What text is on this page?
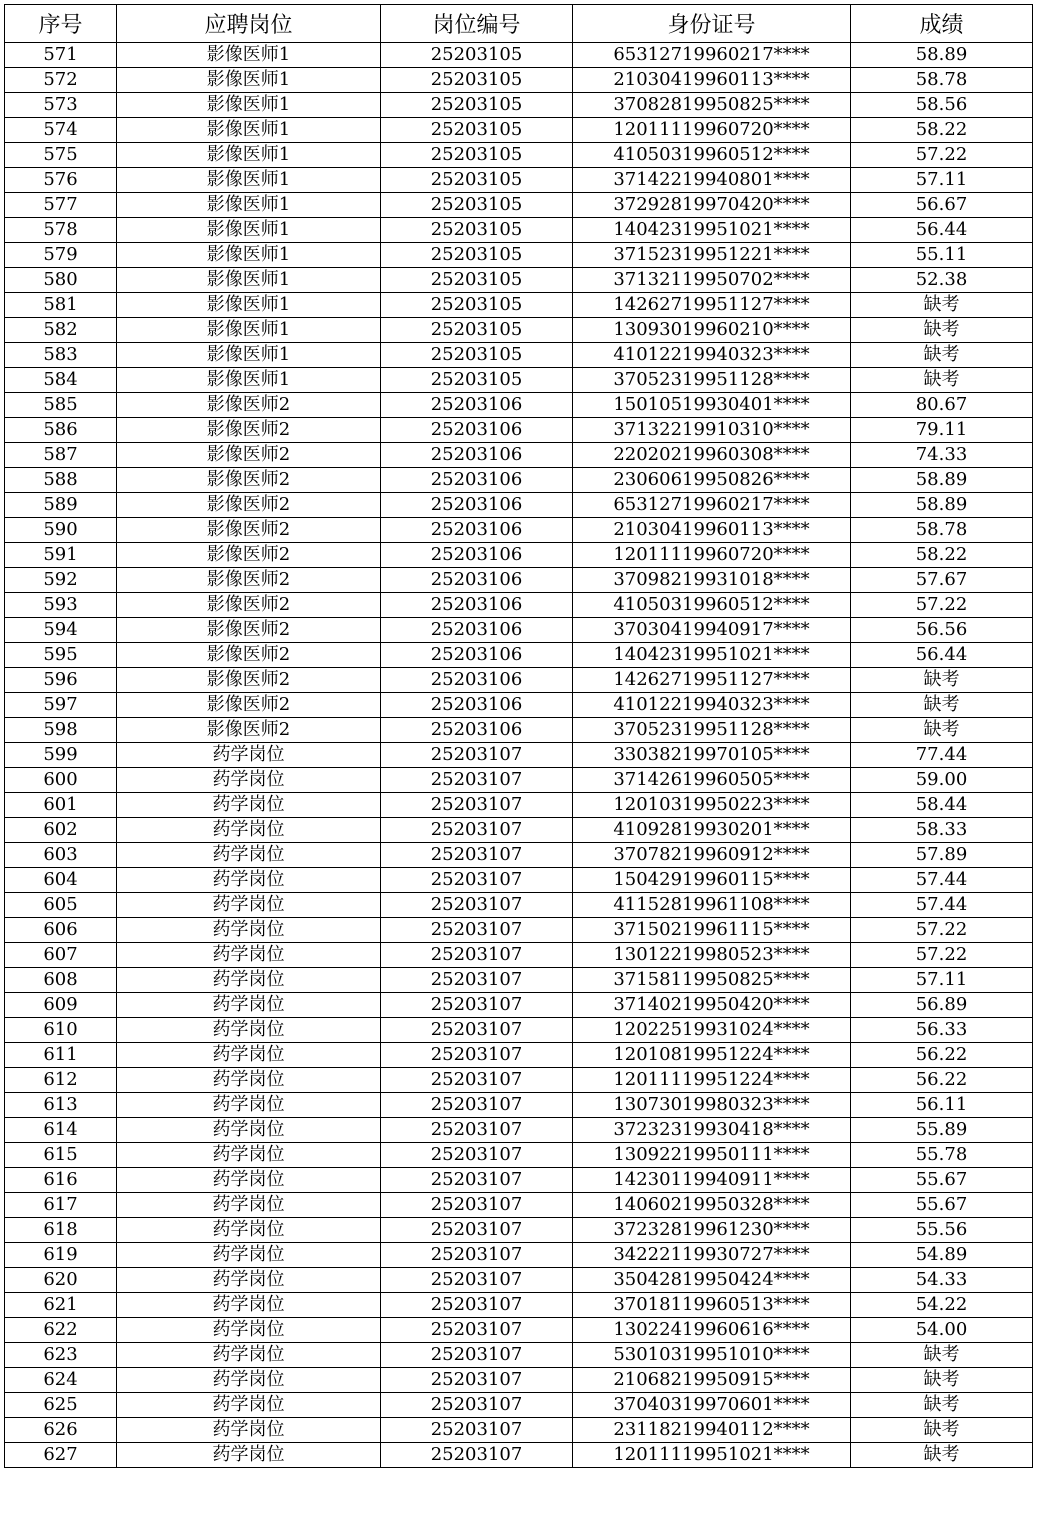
序号	应聘岗位	岗位编号	身份证号	成绩
571	影像医师1	25203105	65312719960217****	58.89
572	影像医师1	25203105	21030419960113****	58.78
573	影像医师1	25203105	37082819950825****	58.56
574	影像医师1	25203105	12011119960720****	58.22
575	影像医师1	25203105	41050319960512****	57.22
576	影像医师1	25203105	37142219940801****	57.11
577	影像医师1	25203105	37292819970420****	56.67
578	影像医师1	25203105	14042319951021****	56.44
579	影像医师1	25203105	37152319951221****	55.11
580	影像医师1	25203105	37132119950702****	52.38
581	影像医师1	25203105	14262719951127****	缺考
582	影像医师1	25203105	13093019960210****	缺考
583	影像医师1	25203105	41012219940323****	缺考
584	影像医师1	25203105	37052319951128****	缺考
585	影像医师2	25203106	15010519930401****	80.67
586	影像医师2	25203106	37132219910310****	79.11
587	影像医师2	25203106	22020219960308****	74.33
588	影像医师2	25203106	23060619950826****	58.89
589	影像医师2	25203106	65312719960217****	58.89
590	影像医师2	25203106	21030419960113****	58.78
591	影像医师2	25203106	12011119960720****	58.22
592	影像医师2	25203106	37098219931018****	57.67
593	影像医师2	25203106	41050319960512****	57.22
594	影像医师2	25203106	37030419940917****	56.56
595	影像医师2	25203106	14042319951021****	56.44
596	影像医师2	25203106	14262719951127****	缺考
597	影像医师2	25203106	41012219940323****	缺考
598	影像医师2	25203106	37052319951128****	缺考
599	药学岗位	25203107	33038219970105****	77.44
600	药学岗位	25203107	37142619960505****	59.00
601	药学岗位	25203107	12010319950223****	58.44
602	药学岗位	25203107	41092819930201****	58.33
603	药学岗位	25203107	37078219960912****	57.89
604	药学岗位	25203107	15042919960115****	57.44
605	药学岗位	25203107	41152819961108****	57.44
606	药学岗位	25203107	37150219961115****	57.22
607	药学岗位	25203107	13012219980523****	57.22
608	药学岗位	25203107	37158119950825****	57.11
609	药学岗位	25203107	37140219950420****	56.89
610	药学岗位	25203107	12022519931024****	56.33
611	药学岗位	25203107	12010819951224****	56.22
612	药学岗位	25203107	12011119951224****	56.22
613	药学岗位	25203107	13073019980323****	56.11
614	药学岗位	25203107	37232319930418****	55.89
615	药学岗位	25203107	13092219950111****	55.78
616	药学岗位	25203107	14230119940911****	55.67
617	药学岗位	25203107	14060219950328****	55.67
618	药学岗位	25203107	37232819961230****	55.56
619	药学岗位	25203107	34222119930727****	54.89
620	药学岗位	25203107	35042819950424****	54.33
621	药学岗位	25203107	37018119960513****	54.22
622	药学岗位	25203107	13022419960616****	54.00
623	药学岗位	25203107	53010319951010****	缺考
624	药学岗位	25203107	21068219950915****	缺考
625	药学岗位	25203107	37040319970601****	缺考
626	药学岗位	25203107	23118219940112****	缺考
627	药学岗位	25203107	12011119951021****	缺考
